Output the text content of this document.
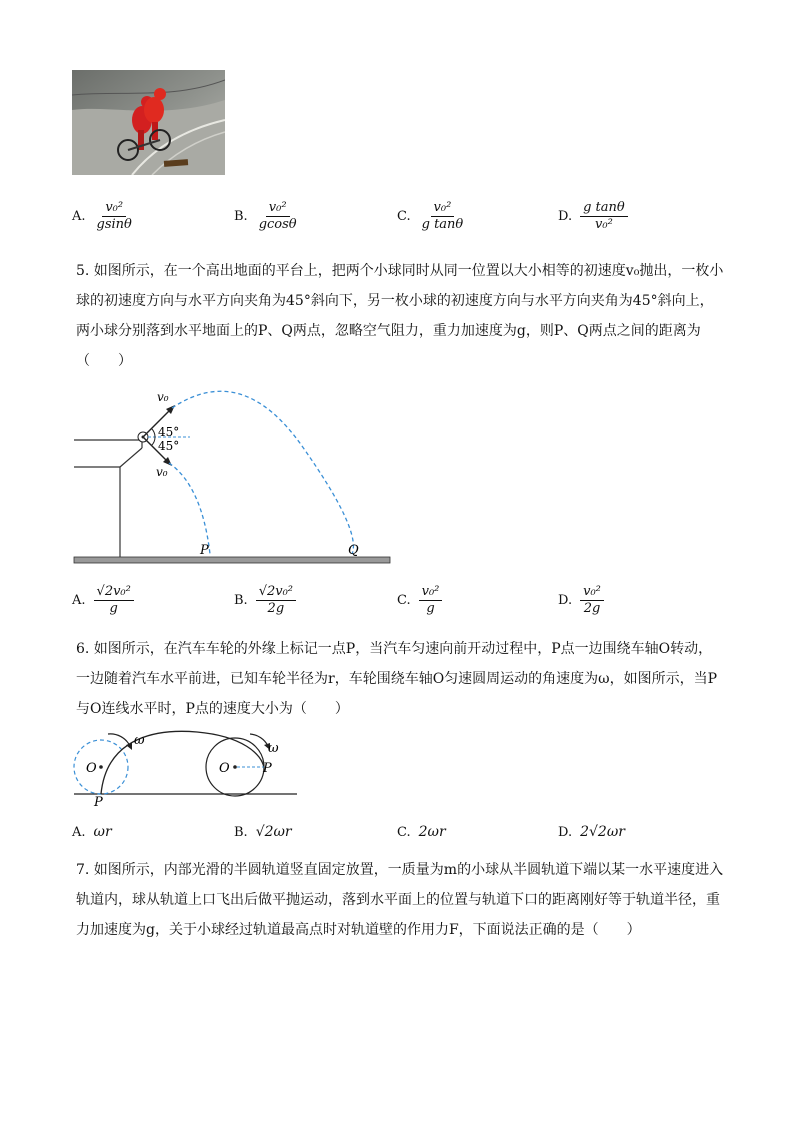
A. $\frac{\text{v₀²}}{gsin\theta}$	B. $\frac{\text{v₀²}}{gcos\theta}$	C. $\frac{\text{v₀²}}{\text{g tanθ}}$	D. $\frac{\text{g tanθ}}{\text{v₀²}}$
5. 如图所示，在一个高出地面的平台上，把两个小球同时从同一位置以大小相等的初速度v₀抛出，一枚小球的初速度方向与水平方向夹角为45°斜向下，另一枚小球的初速度方向与水平方向夹角为45°斜向上，两小球分别落到水平地面上的P、Q两点，忽略空气阻力，重力加速度为g，则P、Q两点之间的距离为（　　）
v₀
45°
45°
v₀
P	Q
A. $\frac{\text{√2v₀²}}{g}$	B. $\frac{\text{√2v₀²}}{2g}$	C. $\frac{\text{v₀²}}{g}$	D. $\frac{\text{v₀²}}{2g}$
6. 如图所示，在汽车车轮的外缘上标记一点P，当汽车匀速向前开动过程中，P点一边围绕车轴O转动，一边随着汽车水平前进，已知车轮半径为r，车轮围绕车轴O匀速圆周运动的角速度为ω，如图所示，当P与O连线水平时，P点的速度大小为（　　）
ω
ω
O	O
P
P
A. ωr	B. √2ωr	C. 2ωr	D. 2√2ωr
7. 如图所示，内部光滑的半圆轨道竖直固定放置，一质量为m的小球从半圆轨道下端以某一水平速度进入轨道内，球从轨道上口飞出后做平抛运动，落到水平面上的位置与轨道下口的距离刚好等于轨道半径，重力加速度为g，关于小球经过轨道最高点时对轨道壁的作用力F，下面说法正确的是（　　）
